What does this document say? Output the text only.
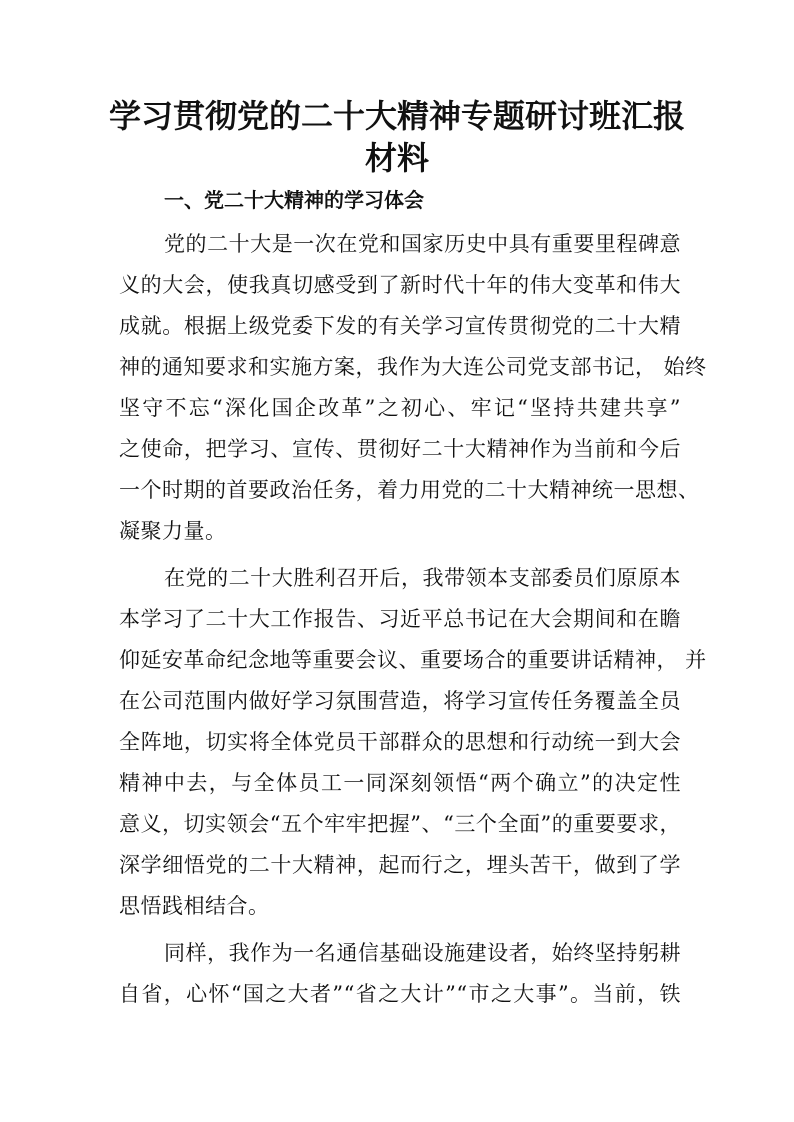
学习贯彻党的二十大精神专题研讨班汇报
材料
一、党二十大精神的学习体会
党的二十大是一次在党和国家历史中具有重要里程碑意
义的大会，使我真切感受到了新时代十年的伟大变革和伟大
成就。根据上级党委下发的有关学习宣传贯彻党的二十大精
神的通知要求和实施方案，我作为大连公司党支部书记， 始终
坚守不忘“深化国企改革”之初心、牢记“坚持共建共享”
之使命，把学习、宣传、贯彻好二十大精神作为当前和今后
一个时期的首要政治任务，着力用党的二十大精神统一思想、
凝聚力量。
在党的二十大胜利召开后，我带领本支部委员们原原本
本学习了二十大工作报告、习近平总书记在大会期间和在瞻
仰延安革命纪念地等重要会议、重要场合的重要讲话精神， 并
在公司范围内做好学习氛围营造，将学习宣传任务覆盖全员
全阵地，切实将全体党员干部群众的思想和行动统一到大会
精神中去，与全体员工一同深刻领悟“两个确立”的决定性
意义，切实领会“五个牢牢把握”、“三个全面”的重要要求，
深学细悟党的二十大精神，起而行之，埋头苦干，做到了学
思悟践相结合。
同样，我作为一名通信基础设施建设者，始终坚持躬耕
自省，心怀“国之大者”“省之大计”“市之大事”。当前，铁
